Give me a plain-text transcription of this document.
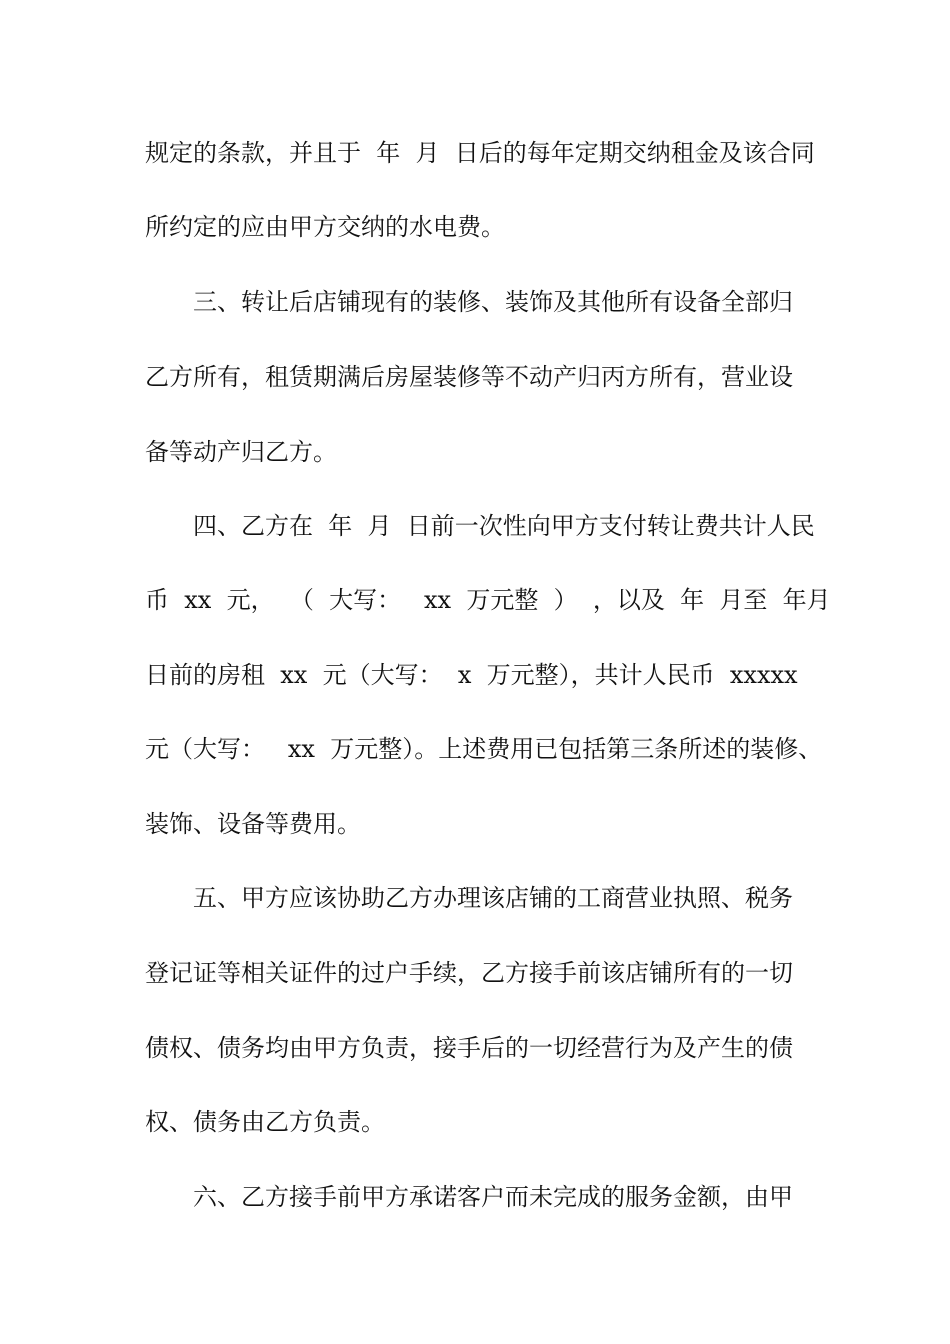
规定的条款，并且于  年  月  日后的每年定期交纳租金及该合同
所约定的应由甲方交纳的水电费。
三、转让后店铺现有的装修、装饰及其他所有设备全部归
乙方所有，租赁期满后房屋装修等不动产归丙方所有，营业设
备等动产归乙方。
四、乙方在  年  月  日前一次性向甲方支付转让费共计人民
币  xx  元，  （  大写：   xx  万元整  ）  ，以及  年  月至  年月
日前的房租  xx  元（大写：  x  万元整），共计人民币  xxxxx
元（大写：   xx  万元整）。上述费用已包括第三条所述的装修、
装饰、设备等费用。
五、甲方应该协助乙方办理该店铺的工商营业执照、税务
登记证等相关证件的过户手续，乙方接手前该店铺所有的一切
债权、债务均由甲方负责，接手后的一切经营行为及产生的债
权、债务由乙方负责。
六、乙方接手前甲方承诺客户而未完成的服务金额，由甲
